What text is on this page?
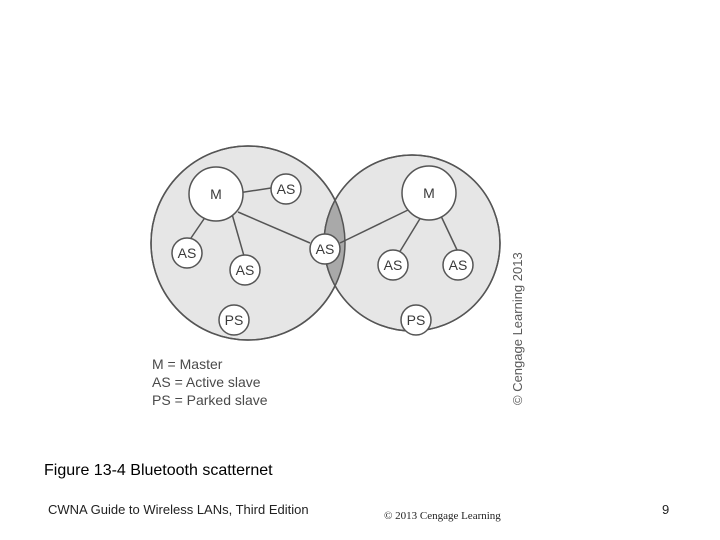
M	AS
AS
AS
PS
AS
M
AS	AS
PS
M = Master
AS = Active slave
PS = Parked slave	© Cengage Learning 2013
Figure 13-4 Bluetooth scatternet
CWNA Guide to Wireless LANs, Third Edition	© 2013 Cengage Learning	9
